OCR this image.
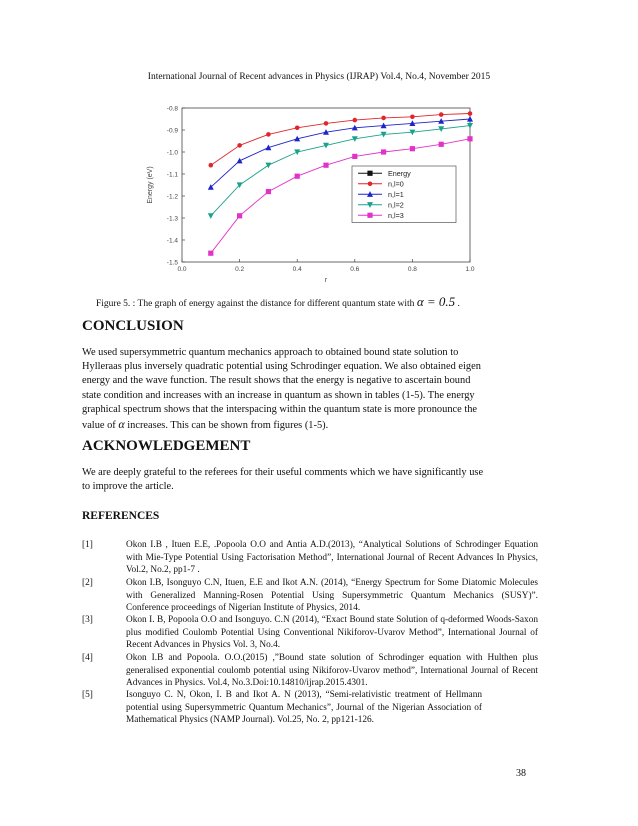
International Journal of Recent advances in Physics (IJRAP) Vol.4, No.4, November 2015
-0.8
-0.9
-1.0
-1.1
-1.2
-1.3
-1.4
-1.5
0.0	0.2	0.4	0.6	0.8	1.0
r
Energy (eV)	Energy
n,l=0
n,l=1
n,l=2
n,l=3
Figure 5. : The graph of energy against the distance for different quantum state with α = 0.5 .
CONCLUSION
We used supersymmetric quantum mechanics approach to obtained bound state solution to
Hylleraas plus inversely quadratic potential using Schrodinger equation. We also obtained eigen
energy and the wave function. The result shows that the energy is negative to ascertain bound
state condition and increases with an increase in quantum as shown in tables (1-5). The energy
graphical spectrum shows that the interspacing within the quantum state is more pronounce the
value of α increases. This can be shown from figures (1-5).
ACKNOWLEDGEMENT
We are deeply grateful to the referees for their useful comments which we have significantly use
to improve the article.
REFERENCES
[1]	Okon I.B , Ituen E.E, .Popoola O.O and Antia A.D.(2013), “Analytical Solutions of Schrodinger Equation with Mie-Type Potential Using Factorisation Method”, International Journal of Recent Advances In Physics, Vol.2, No.2, pp1-7 .
[2]	Okon I.B, Isonguyo C.N, Ituen, E.E and Ikot A.N. (2014), “Energy Spectrum for Some Diatomic Molecules with Generalized Manning-Rosen Potential Using Supersymmetric Quantum Mechanics (SUSY)”. Conference proceedings of Nigerian Institute of Physics, 2014.
[3]	Okon I. B, Popoola O.O and Isonguyo. C.N (2014), “Exact Bound state Solution of q-deformed Woods-Saxon plus modified Coulomb Potential Using Conventional Nikiforov-Uvarov Method”, International Journal of Recent Advances in Physics Vol. 3, No.4.
[4]	Okon I.B and Popoola. O.O.(2015) ,”Bound state solution of Schrodinger equation with Hulthen plus generalised exponential coulomb potential using Nikiforov-Uvarov method”, International Journal of Recent Advances in Physics. Vol.4, No.3.Doi:10.14810/ijrap.2015.4301.
[5]	Isonguyo C. N, Okon, I. B and Ikot A. N (2013), “Semi-relativistic treatment of Hellmann potential using Supersymmetric Quantum Mechanics”, Journal of the Nigerian Association of Mathematical Physics (NAMP Journal). Vol.25, No. 2, pp121-126.
38
